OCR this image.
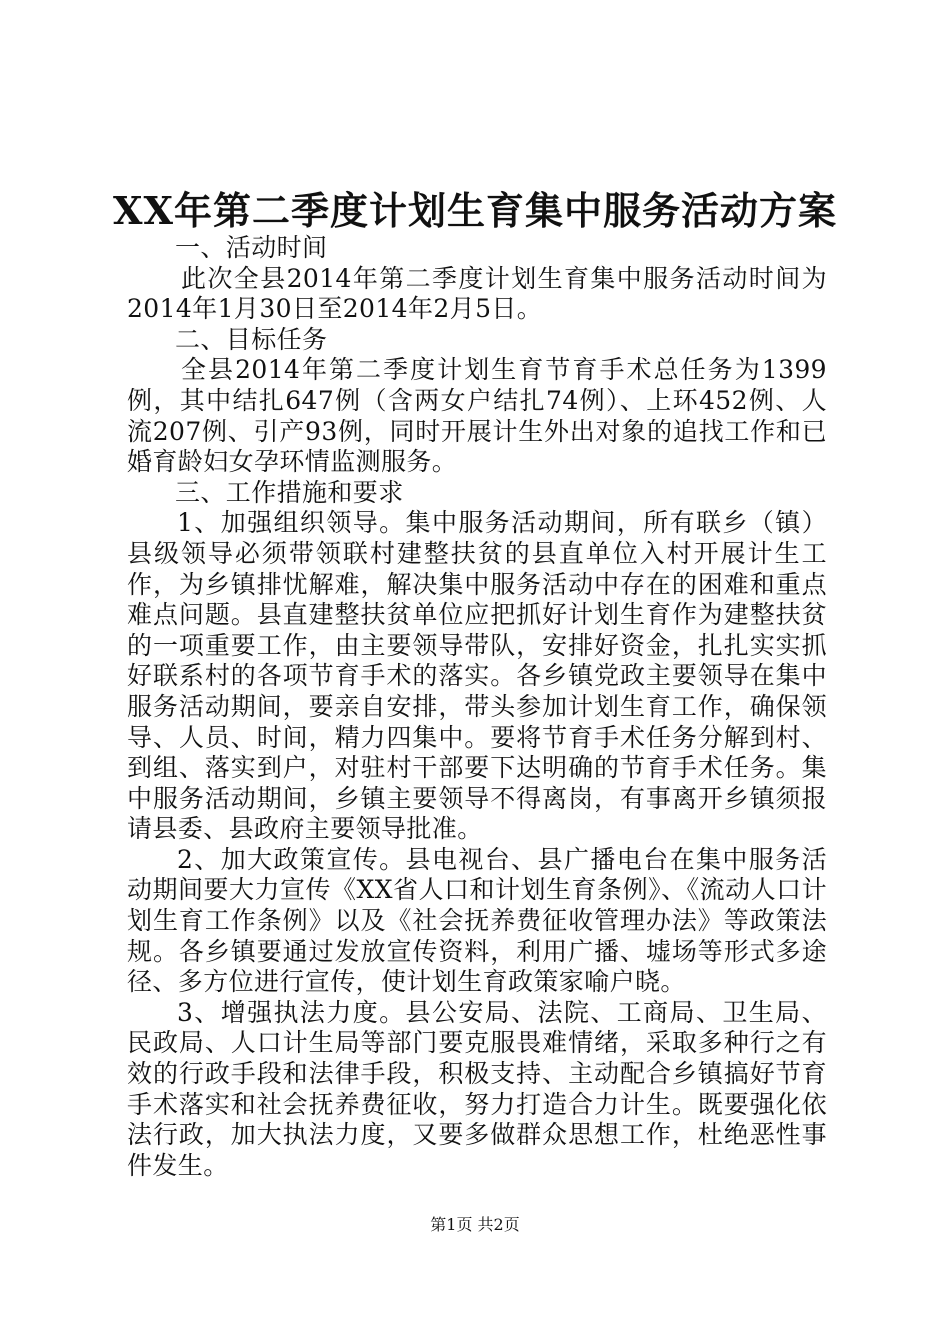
XX年第二季度计划生育集中服务活动方案

一、活动时间

此次全县2014年第二季度计划生育集中服务活动时间为2014年1月30日至2014年2月5日。

二、目标任务

全县2014年第二季度计划生育节育手术总任务为1399例，其中结扎647例（含两女户结扎74例）、上环452例、人流207例、引产93例，同时开展计生外出对象的追找工作和已婚育龄妇女孕环情监测服务。

三、工作措施和要求

1、加强组织领导。集中服务活动期间，所有联乡（镇）县级领导必须带领联村建整扶贫的县直单位入村开展计生工作，为乡镇排忧解难，解决集中服务活动中存在的困难和重点难点问题。县直建整扶贫单位应把抓好计划生育作为建整扶贫的一项重要工作，由主要领导带队，安排好资金，扎扎实实抓好联系村的各项节育手术的落实。各乡镇党政主要领导在集中服务活动期间，要亲自安排，带头参加计划生育工作，确保领导、人员、时间，精力四集中。要将节育手术任务分解到村、到组、落实到户，对驻村干部要下达明确的节育手术任务。集中服务活动期间，乡镇主要领导不得离岗，有事离开乡镇须报请县委、县政府主要领导批准。

2、加大政策宣传。县电视台、县广播电台在集中服务活动期间要大力宣传《XX省人口和计划生育条例》、《流动人口计划生育工作条例》以及《社会抚养费征收管理办法》等政策法规。各乡镇要通过发放宣传资料，利用广播、墟场等形式多途径、多方位进行宣传，使计划生育政策家喻户晓。

3、增强执法力度。县公安局、法院、工商局、卫生局、民政局、人口计生局等部门要克服畏难情绪，采取多种行之有效的行政手段和法律手段，积极支持、主动配合乡镇搞好节育手术落实和社会抚养费征收，努力打造合力计生。既要强化依法行政，加大执法力度，又要多做群众思想工作，杜绝恶性事件发生。

第1页 共2页
